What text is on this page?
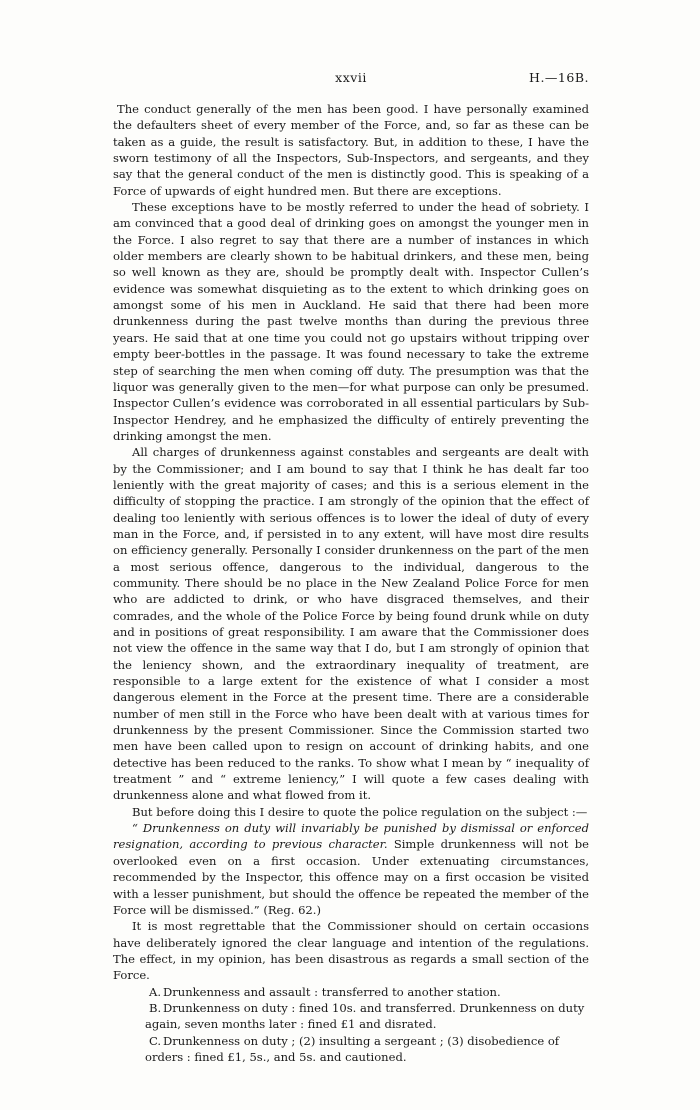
xxvii	H.—16B.

The conduct generally of the men has been good. I have personally examined the defaulters sheet of every member of the Force, and, so far as these can be taken as a guide, the result is satisfactory. But, in addition to these, I have the sworn testimony of all the Inspectors, Sub-Inspectors, and sergeants, and they say that the general conduct of the men is distinctly good. This is speaking of a Force of upwards of eight hundred men. But there are exceptions.

These exceptions have to be mostly referred to under the head of sobriety. I am convinced that a good deal of drinking goes on amongst the younger men in the Force. I also regret to say that there are a number of instances in which older members are clearly shown to be habitual drinkers, and these men, being so well known as they are, should be promptly dealt with. Inspector Cullen’s evidence was somewhat disquieting as to the extent to which drinking goes on amongst some of his men in Auckland. He said that there had been more drunkenness during the past twelve months than during the previous three years. He said that at one time you could not go upstairs without tripping over empty beer-bottles in the passage. It was found necessary to take the extreme step of searching the men when coming off duty. The presumption was that the liquor was generally given to the men—for what purpose can only be presumed. Inspector Cullen’s evidence was corroborated in all essential particulars by Sub-Inspector Hendrey, and he emphasized the difficulty of entirely preventing the drinking amongst the men.

All charges of drunkenness against constables and sergeants are dealt with by the Commissioner; and I am bound to say that I think he has dealt far too leniently with the great majority of cases; and this is a serious element in the difficulty of stopping the practice. I am strongly of the opinion that the effect of dealing too leniently with serious offences is to lower the ideal of duty of every man in the Force, and, if persisted in to any extent, will have most dire results on efficiency generally. Personally I consider drunkenness on the part of the men a most serious offence, dangerous to the individual, dangerous to the community. There should be no place in the New Zealand Police Force for men who are addicted to drink, or who have disgraced themselves, and their comrades, and the whole of the Police Force by being found drunk while on duty and in positions of great responsibility. I am aware that the Commissioner does not view the offence in the same way that I do, but I am strongly of opinion that the leniency shown, and the extraordinary inequality of treatment, are responsible to a large extent for the existence of what I consider a most dangerous element in the Force at the present time. There are a considerable number of men still in the Force who have been dealt with at various times for drunkenness by the present Commissioner. Since the Commission started two men have been called upon to resign on account of drinking habits, and one detective has been reduced to the ranks. To show what I mean by “ inequality of treatment ” and “ extreme leniency,” I will quote a few cases dealing with drunkenness alone and what flowed from it.

But before doing this I desire to quote the police regulation on the subject :—

“ Drunkenness on duty will invariably be punished by dismissal or enforced resignation, according to previous character. Simple drunkenness will not be overlooked even on a first occasion. Under extenuating circumstances, recommended by the Inspector, this offence may on a first occasion be visited with a lesser punishment, but should the offence be repeated the member of the Force will be dismissed.” (Reg. 62.)

It is most regrettable that the Commissioner should on certain occasions have deliberately ignored the clear language and intention of the regulations. The effect, in my opinion, has been disastrous as regards a small section of the Force.

A. Drunkenness and assault : transferred to another station.

B. Drunkenness on duty : fined 10s. and transferred. Drunkenness on duty again, seven months later : fined £1 and disrated.

C. Drunkenness on duty ; (2) insulting a sergeant ; (3) disobedience of orders : fined £1, 5s., and 5s. and cautioned.
